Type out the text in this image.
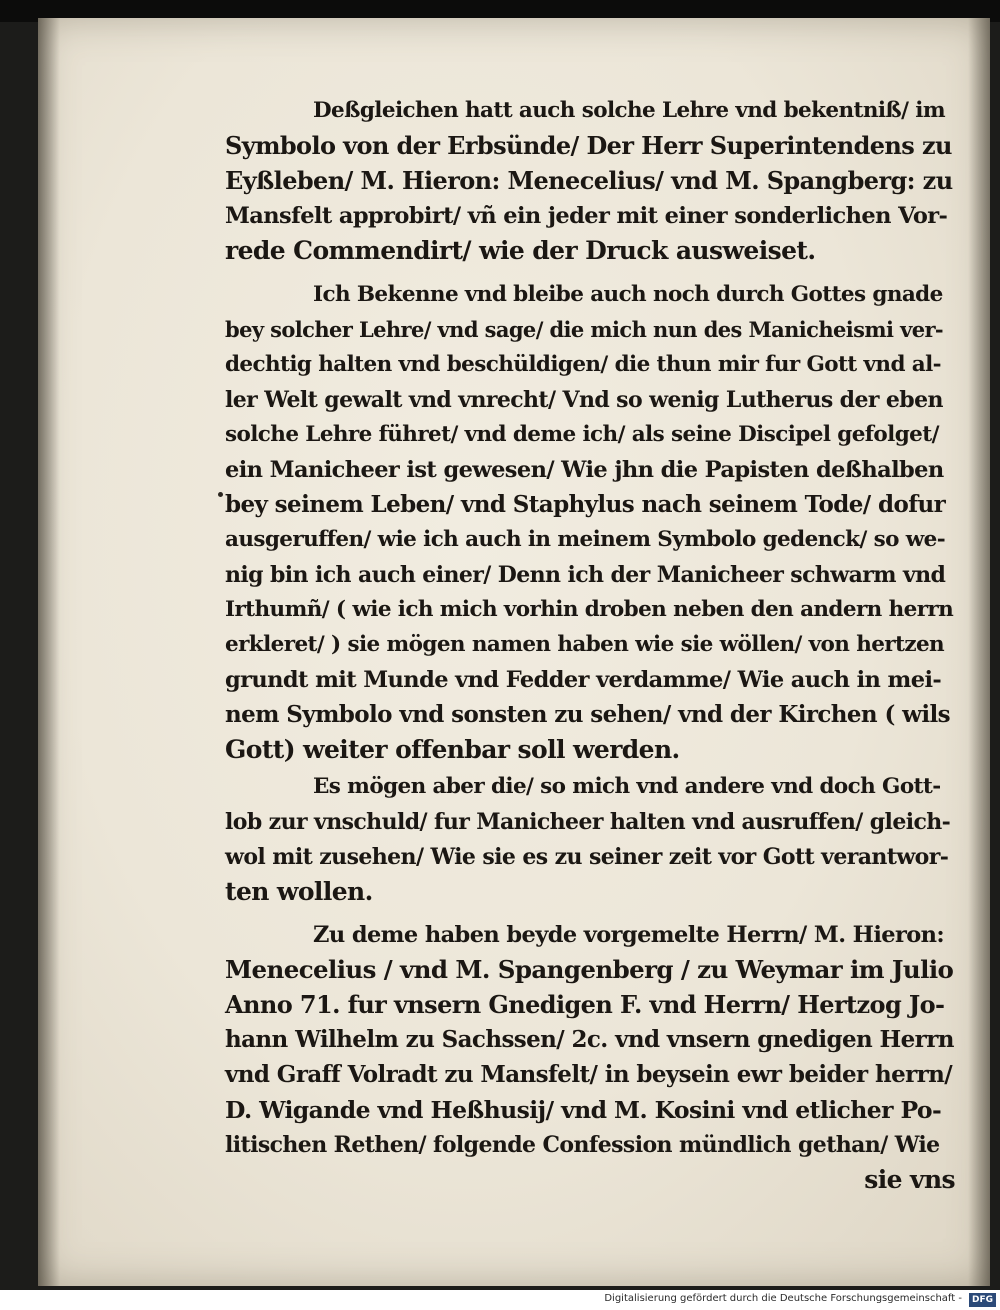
Deßgleichen hatt auch solche Lehre vnd bekentniß/ im
Symbolo von der Erbsünde/ Der Herr Superintendens zu
Eyßleben/ M. Hieron: Menecelius/ vnd M. Spangberg: zu
Mansfelt approbirt/ vñ ein jeder mit einer sonderlichen Vor-
rede Commendirt/ wie der Druck ausweiset.
Ich Bekenne vnd bleibe auch noch durch Gottes gnade
bey solcher Lehre/ vnd sage/ die mich nun des Manicheismi ver-
dechtig halten vnd beschüldigen/ die thun mir fur Gott vnd al-
ler Welt gewalt vnd vnrecht/ Vnd so wenig Lutherus der eben
solche Lehre führet/ vnd deme ich/ als seine Discipel gefolget/
ein Manicheer ist gewesen/ Wie jhn die Papisten deßhalben
bey seinem Leben/ vnd Staphylus nach seinem Tode/ dofur
ausgeruffen/ wie ich auch in meinem Symbolo gedenck/ so we-
nig bin ich auch einer/ Denn ich der Manicheer schwarm vnd
Irthumñ/ ( wie ich mich vorhin droben neben den andern herrn
erkleret/ ) sie mögen namen haben wie sie wöllen/ von hertzen
grundt mit Munde vnd Fedder verdamme/ Wie auch in mei-
nem Symbolo vnd sonsten zu sehen/ vnd der Kirchen ( wils
Gott) weiter offenbar soll werden.
Es mögen aber die/ so mich vnd andere vnd doch Gott-
lob zur vnschuld/ fur Manicheer halten vnd ausruffen/ gleich-
wol mit zusehen/ Wie sie es zu seiner zeit vor Gott verantwor-
ten wollen.
Zu deme haben beyde vorgemelte Herrn/ M. Hieron:
Menecelius / vnd M. Spangenberg / zu Weymar im Julio
Anno 71. fur vnsern Gnedigen F. vnd Herrn/ Hertzog Jo-
hann Wilhelm zu Sachssen/ 2c. vnd vnsern gnedigen Herrn
vnd Graff Volradt zu Mansfelt/ in beysein ewr beider herrn/
D. Wigande vnd Heßhusij/ vnd M. Kosini vnd etlicher Po-
litischen Rethen/ folgende Confession mündlich gethan/ Wie
sie vns
Digitalisierung gefördert durch die Deutsche Forschungsgemeinschaft -	DFG
